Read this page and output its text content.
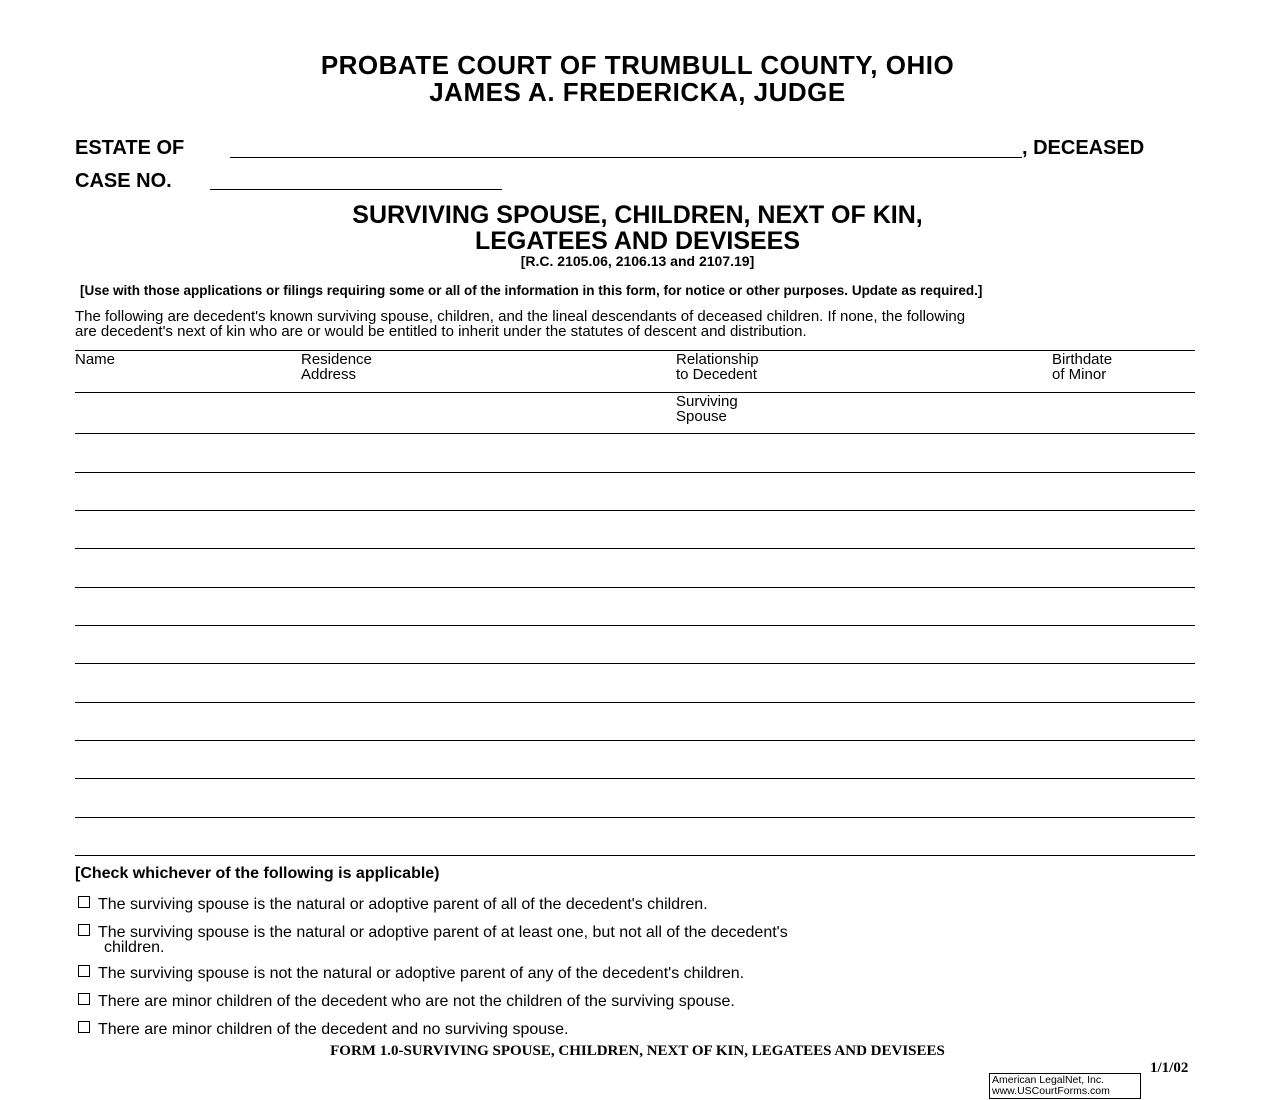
PROBATE COURT OF TRUMBULL COUNTY, OHIO
JAMES A. FREDERICKA, JUDGE
ESTATE OF	, DECEASED
CASE NO.
SURVIVING SPOUSE, CHILDREN, NEXT OF KIN,
LEGATEES AND DEVISEES
[R.C. 2105.06, 2106.13 and 2107.19]
[Use with those applications or filings requiring some or all of the information in this form, for notice or other purposes. Update as required.]
The following are decedent's known surviving spouse, children, and the lineal descendants of deceased children. If none, the following
are decedent's next of kin who are or would be entitled to inherit under the statutes of descent and distribution.
Name	Residence
Address
Relationship
to Decedent
Birthdate
of Minor
Surviving
Spouse
[Check whichever of the following is applicable)
The surviving spouse is the natural or adoptive parent of all of the decedent's children.
The surviving spouse is the natural or adoptive parent of at least one, but not all of the decedent's
children.
The surviving spouse is not the natural or adoptive parent of any of the decedent's children.
There are minor children of the decedent who are not the children of the surviving spouse.
There are minor children of the decedent and no surviving spouse.
FORM 1.0-SURVIVING SPOUSE, CHILDREN, NEXT OF KIN, LEGATEES AND DEVISEES
1/1/02
American LegalNet, Inc.
www.USCourtForms.com
